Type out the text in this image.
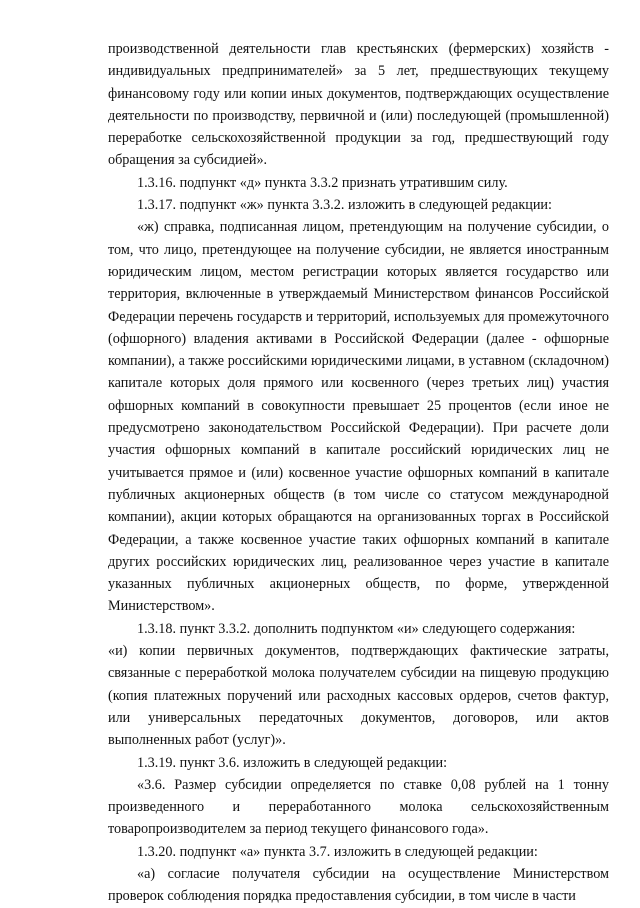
производственной деятельности глав крестьянских (фермерских) хозяйств - индивидуальных предпринимателей» за 5 лет, предшествующих текущему финансовому году или копии иных документов, подтверждающих осуществление деятельности по производству, первичной и (или) последующей (промышленной) переработке сельскохозяйственной продукции за год, предшествующий году обращения за субсидией».

1.3.16. подпункт «д» пункта 3.3.2 признать утратившим силу.

1.3.17. подпункт «ж» пункта 3.3.2. изложить в следующей редакции:

«ж) справка, подписанная лицом, претендующим на получение субсидии, о том, что лицо, претендующее на получение субсидии, не является иностранным юридическим лицом, местом регистрации которых является государство или территория, включенные в утверждаемый Министерством финансов Российской Федерации перечень государств и территорий, используемых для промежуточного (офшорного) владения активами в Российской Федерации (далее - офшорные компании), а также российскими юридическими лицами, в уставном (складочном) капитале которых доля прямого или косвенного (через третьих лиц) участия офшорных компаний в совокупности превышает 25 процентов (если иное не предусмотрено законодательством Российской Федерации). При расчете доли участия офшорных компаний в капитале российский юридических лиц не учитывается прямое и (или) косвенное участие офшорных компаний в капитале публичных акционерных обществ (в том числе со статусом международной компании), акции которых обращаются на организованных торгах в Российской Федерации, а также косвенное участие таких офшорных компаний в капитале других российских юридических лиц, реализованное через участие в капитале указанных публичных акционерных обществ, по форме, утвержденной Министерством».

1.3.18. пункт 3.3.2. дополнить подпунктом «и» следующего содержания:

«и) копии первичных документов, подтверждающих фактические затраты, связанные с переработкой молока получателем субсидии на пищевую продукцию (копия платежных поручений или расходных кассовых ордеров, счетов фактур, или универсальных передаточных документов, договоров, или актов выполненных работ (услуг)».

1.3.19. пункт 3.6. изложить в следующей редакции:

«3.6. Размер субсидии определяется по ставке 0,08 рублей на 1 тонну произведенного и переработанного молока сельскохозяйственным товаропроизводителем за период текущего финансового года».

1.3.20. подпункт «а» пункта 3.7. изложить в следующей редакции:

«а) согласие получателя субсидии на осуществление Министерством проверок соблюдения порядка предоставления субсидии, в том числе в части
